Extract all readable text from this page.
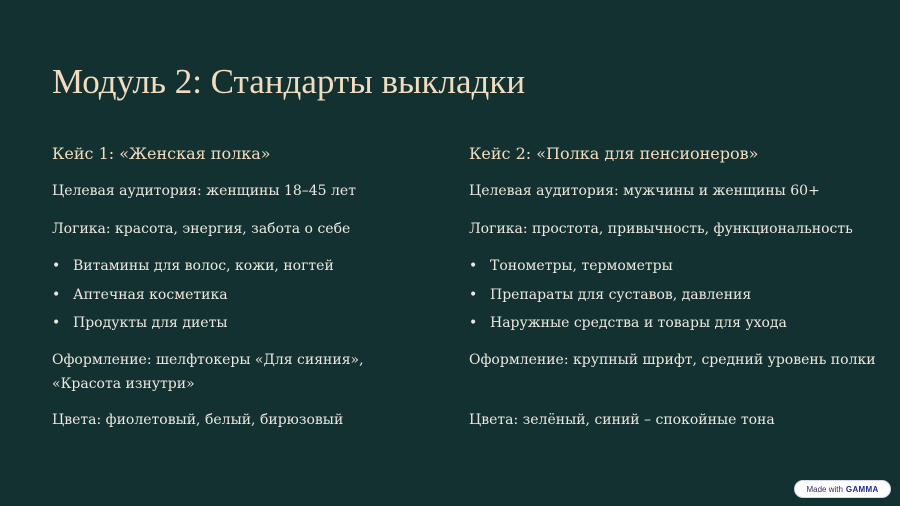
Модуль 2: Стандарты выкладки

Кейс 1: «Женская полка»

Целевая аудитория: женщины 18–45 лет

Логика: красота, энергия, забота о себе

• Витамины для волос, кожи, ногтей
• Аптечная косметика
• Продукты для диеты

Оформление: шелфтокеры «Для сияния», «Красота изнутри»

Цвета: фиолетовый, белый, бирюзовый

Кейс 2: «Полка для пенсионеров»

Целевая аудитория: мужчины и женщины 60+

Логика: простота, привычность, функциональность

• Тонометры, термометры
• Препараты для суставов, давления
• Наружные средства и товары для ухода

Оформление: крупный шрифт, средний уровень полки

Цвета: зелёный, синий – спокойные тона

Made with GAMMA
